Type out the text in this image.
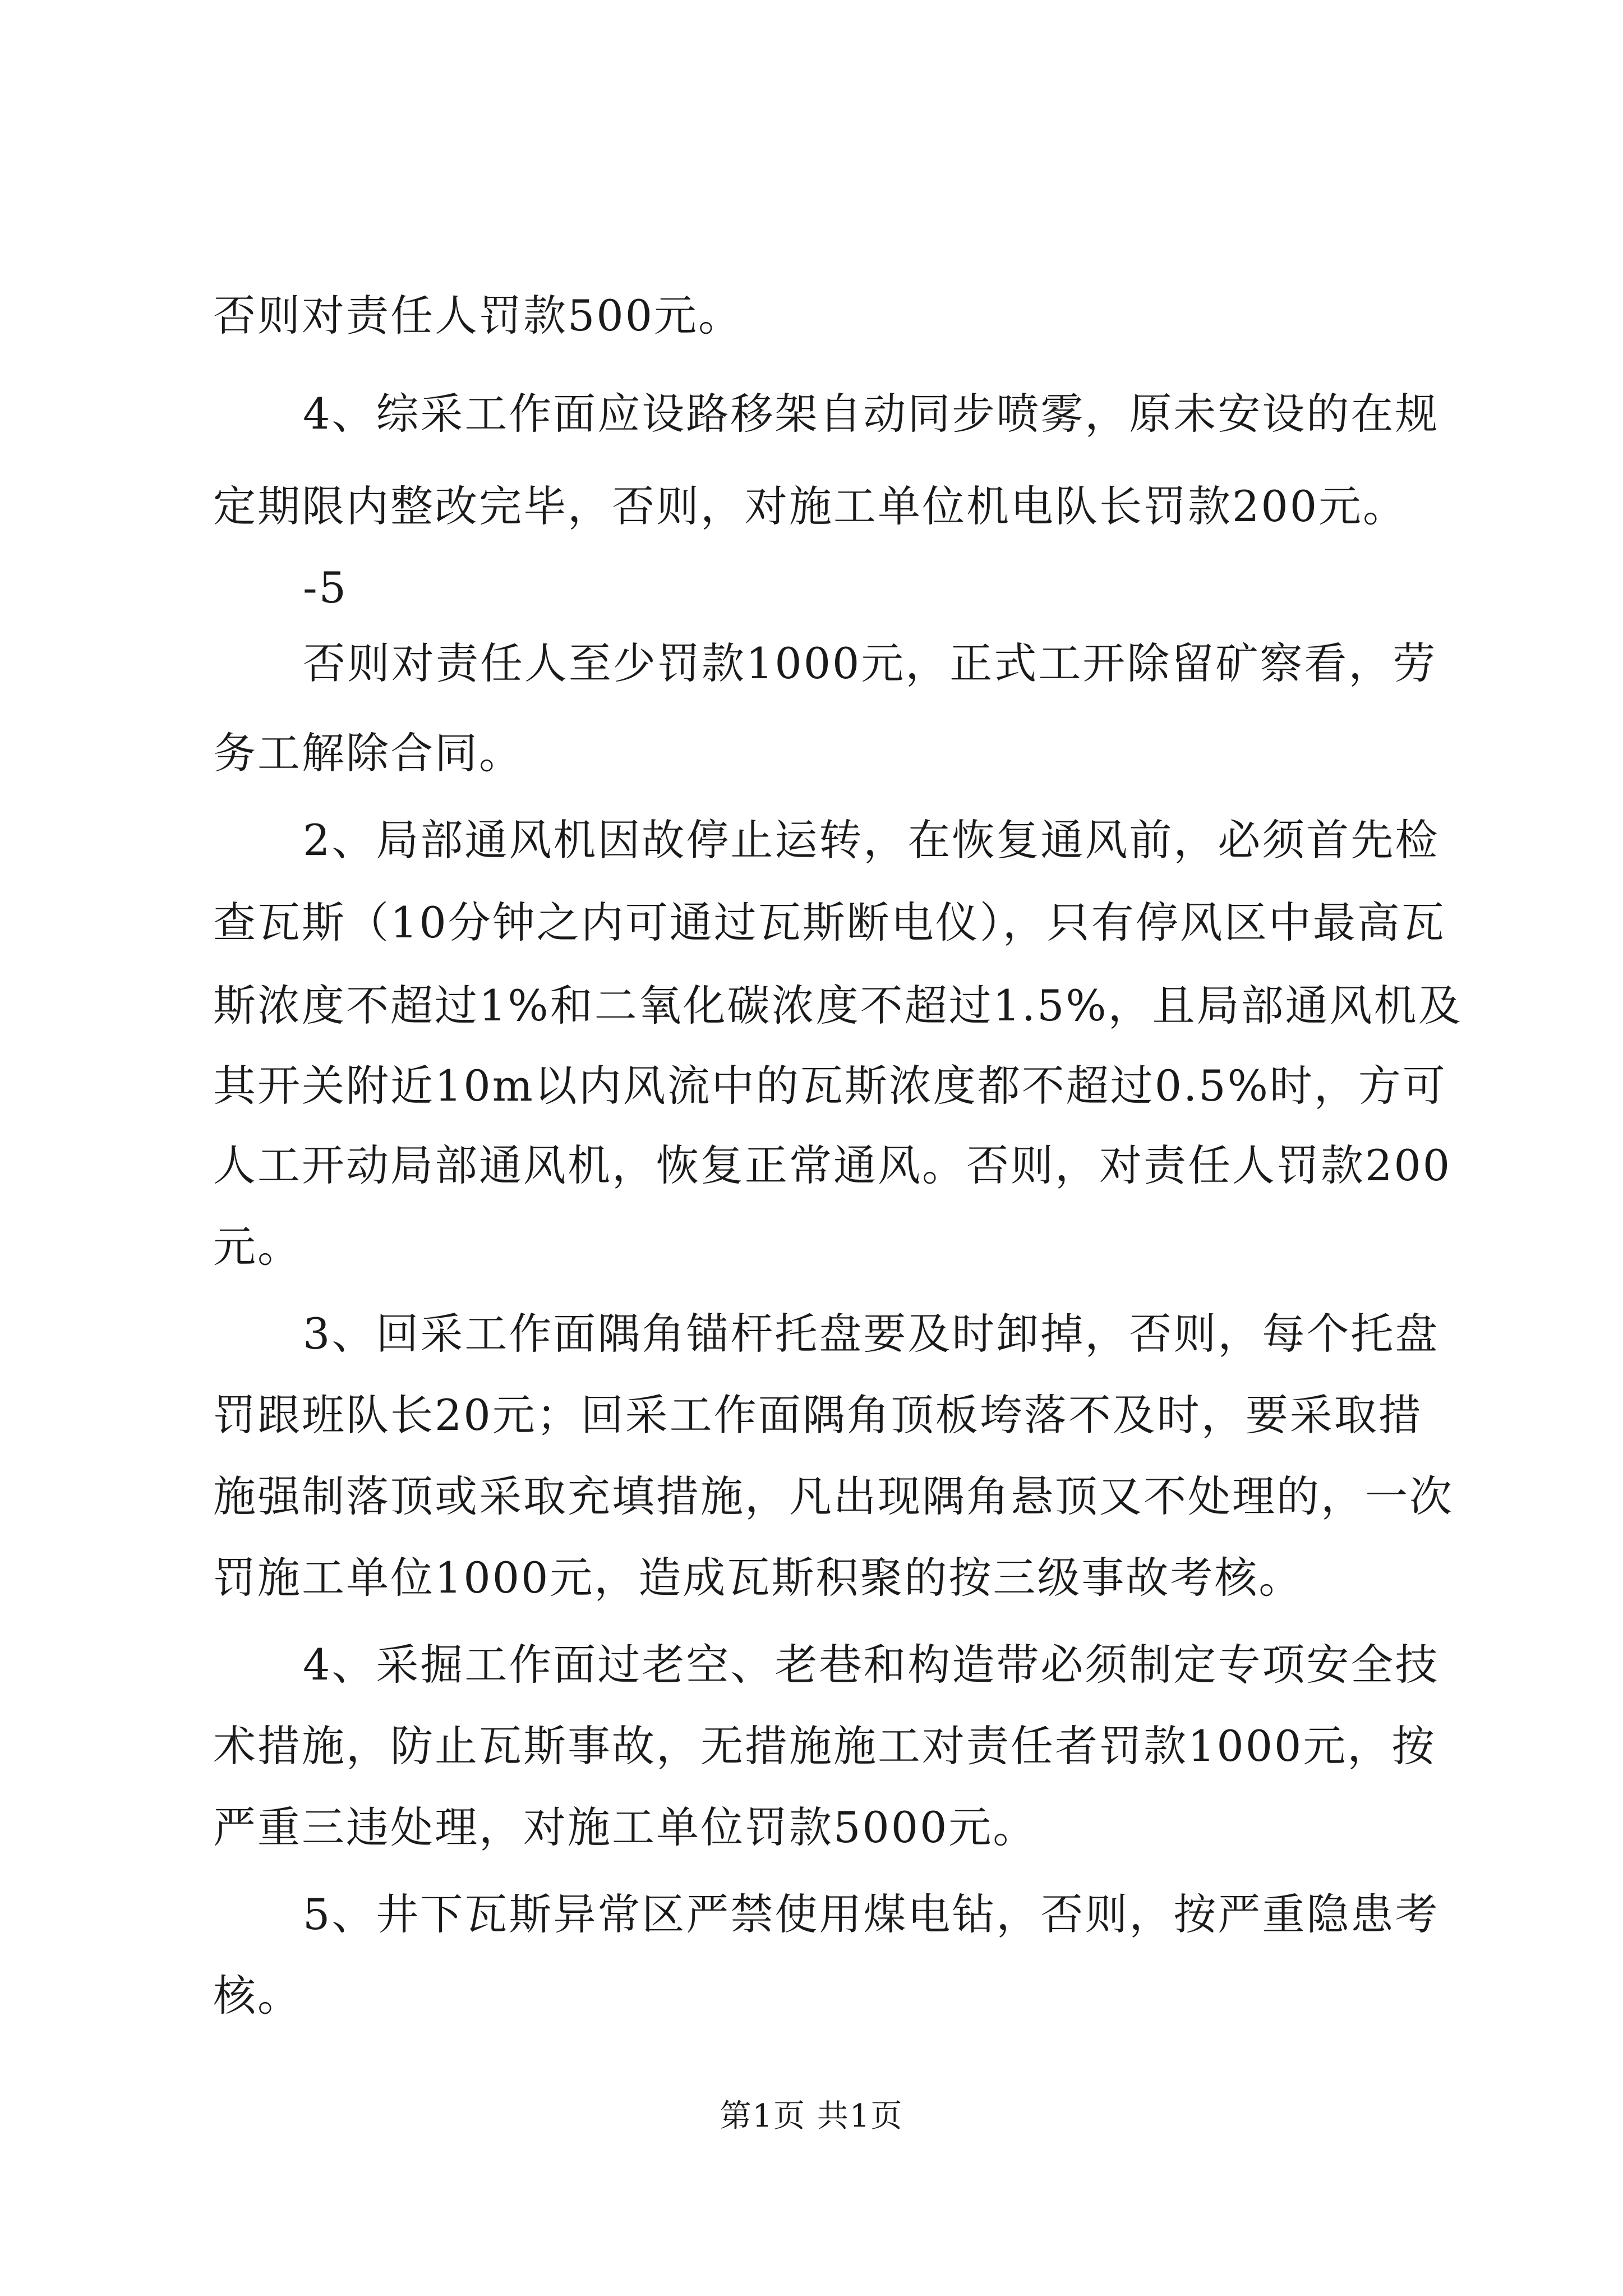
否则对责任人罚款500元。

4、综采工作面应设路移架自动同步喷雾，原未安设的在规

定期限内整改完毕，否则，对施工单位机电队长罚款200元。

-5

否则对责任人至少罚款1000元，正式工开除留矿察看，劳

务工解除合同。

2、局部通风机因故停止运转，在恢复通风前，必须首先检

查瓦斯（10分钟之内可通过瓦斯断电仪），只有停风区中最高瓦

斯浓度不超过1%和二氧化碳浓度不超过1.5%，且局部通风机及

其开关附近10m以内风流中的瓦斯浓度都不超过0.5%时，方可

人工开动局部通风机，恢复正常通风。否则，对责任人罚款200

元。

3、回采工作面隅角锚杆托盘要及时卸掉，否则，每个托盘

罚跟班队长20元；回采工作面隅角顶板垮落不及时，要采取措

施强制落顶或采取充填措施，凡出现隅角悬顶又不处理的，一次

罚施工单位1000元，造成瓦斯积聚的按三级事故考核。

4、采掘工作面过老空、老巷和构造带必须制定专项安全技

术措施，防止瓦斯事故，无措施施工对责任者罚款1000元，按

严重三违处理，对施工单位罚款5000元。

5、井下瓦斯异常区严禁使用煤电钻，否则，按严重隐患考

核。

第1页 共1页
